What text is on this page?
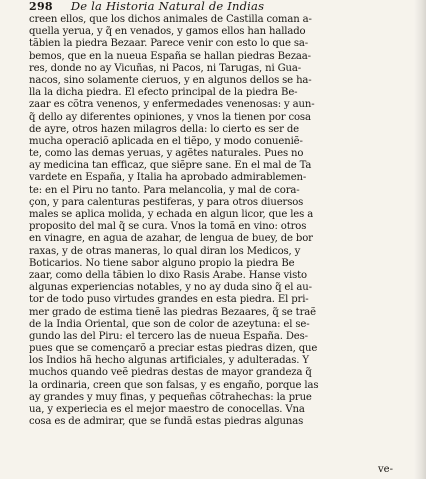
298 De la Historia Natural de Indias
creen ellos, que los dichos animales de Castilla coman a-
quella yerua, y q̃ en venados, y gamos ellos han hallado
tãbien la piedra Bezaar. Parece venir con esto lo que sa-
bemos, que en la nueua España se hallan piedras Bezaa-
res, donde no ay Vicuñas, ni Pacos, ni Tarugas, ni Gua-
nacos, sino solamente cieruos, y en algunos dellos se ha-
lla la dicha piedra. El efecto principal de la piedra Be-
zaar es cõtra venenos, y enfermedades venenosas: y aun-
q̃ dello ay diferentes opiniones, y vnos la tienen por cosa
de ayre, otros hazen milagros della: lo cierto es ser de
mucha operaciõ aplicada en el tiẽpo, y modo conueniẽ-
te, como las demas yeruas, y agẽtes naturales. Pues no
ay medicina tan efficaz, que siẽpre sane. En el mal de Ta
vardete en España, y Italia ha aprobado admirablemen-
te: en el Piru no tanto. Para melancolia, y mal de cora-
çon, y para calenturas pestiferas, y para otros diuersos
males se aplica molida, y echada en algun licor, que les a
proposito del mal q̃ se cura. Vnos la tomã en vino: otros
en vinagre, en agua de azahar, de lengua de buey, de bor
raxas, y de otras maneras, lo qual diran los Medicos, y
Boticarios. No tiene sabor alguno propio la piedra Be
zaar, como della tãbien lo dixo Rasis Arabe. Hanse visto
algunas experiencias notables, y no ay duda sino q̃ el au-
tor de todo puso virtudes grandes en esta piedra. El pri-
mer grado de estima tienẽ las piedras Bezaares, q̃ se traẽ
de la India Oriental, que son de color de azeytuna: el se-
gundo las del Piru: el tercero las de nueua España. Des-
pues que se començarõ a preciar estas piedras dizen, que
los Indios hã hecho algunas artificiales, y adulteradas. Y
muchos quando veẽ piedras destas de mayor grandeza q̃
la ordinaria, creen que son falsas, y es engaño, porque las
ay grandes y muy finas, y pequeñas cõtrahechas: la prue
ua, y experiecia es el mejor maestro de conocellas. Vna
cosa es de admirar, que se fundã estas piedras algunas
ve-
